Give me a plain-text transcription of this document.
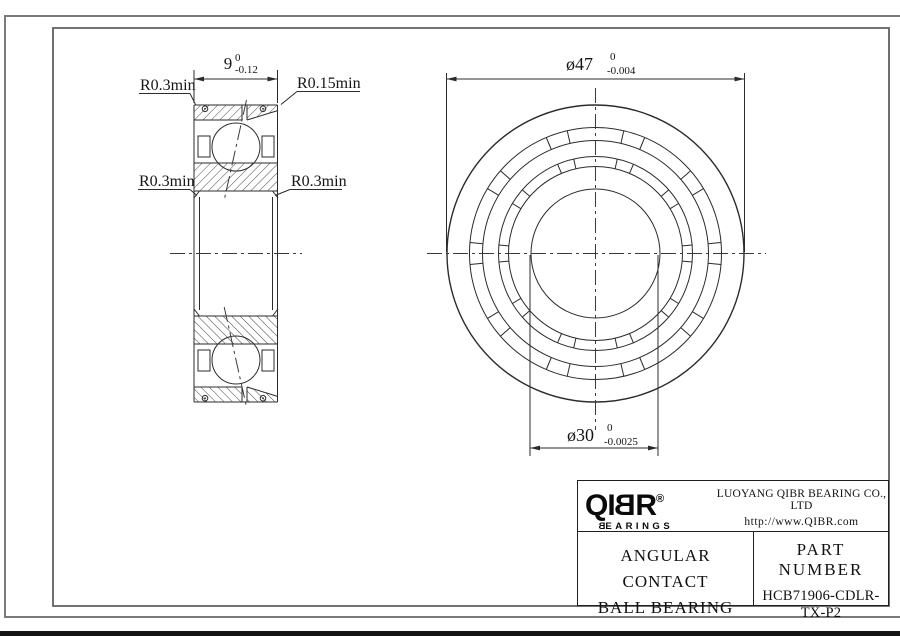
9 0
-0.12	ø47 0
-0.004
ø30 0
-0.0025
R0.3min	R0.15min
R0.3min	R0.3min
QIBR®
BEARINGS
LUOYANG QIBR BEARING CO., LTD
http://www.QIBR.com
ANGULAR CONTACT
BALL BEARING
PART NUMBER
HCB71906-CDLR-TX-P2
